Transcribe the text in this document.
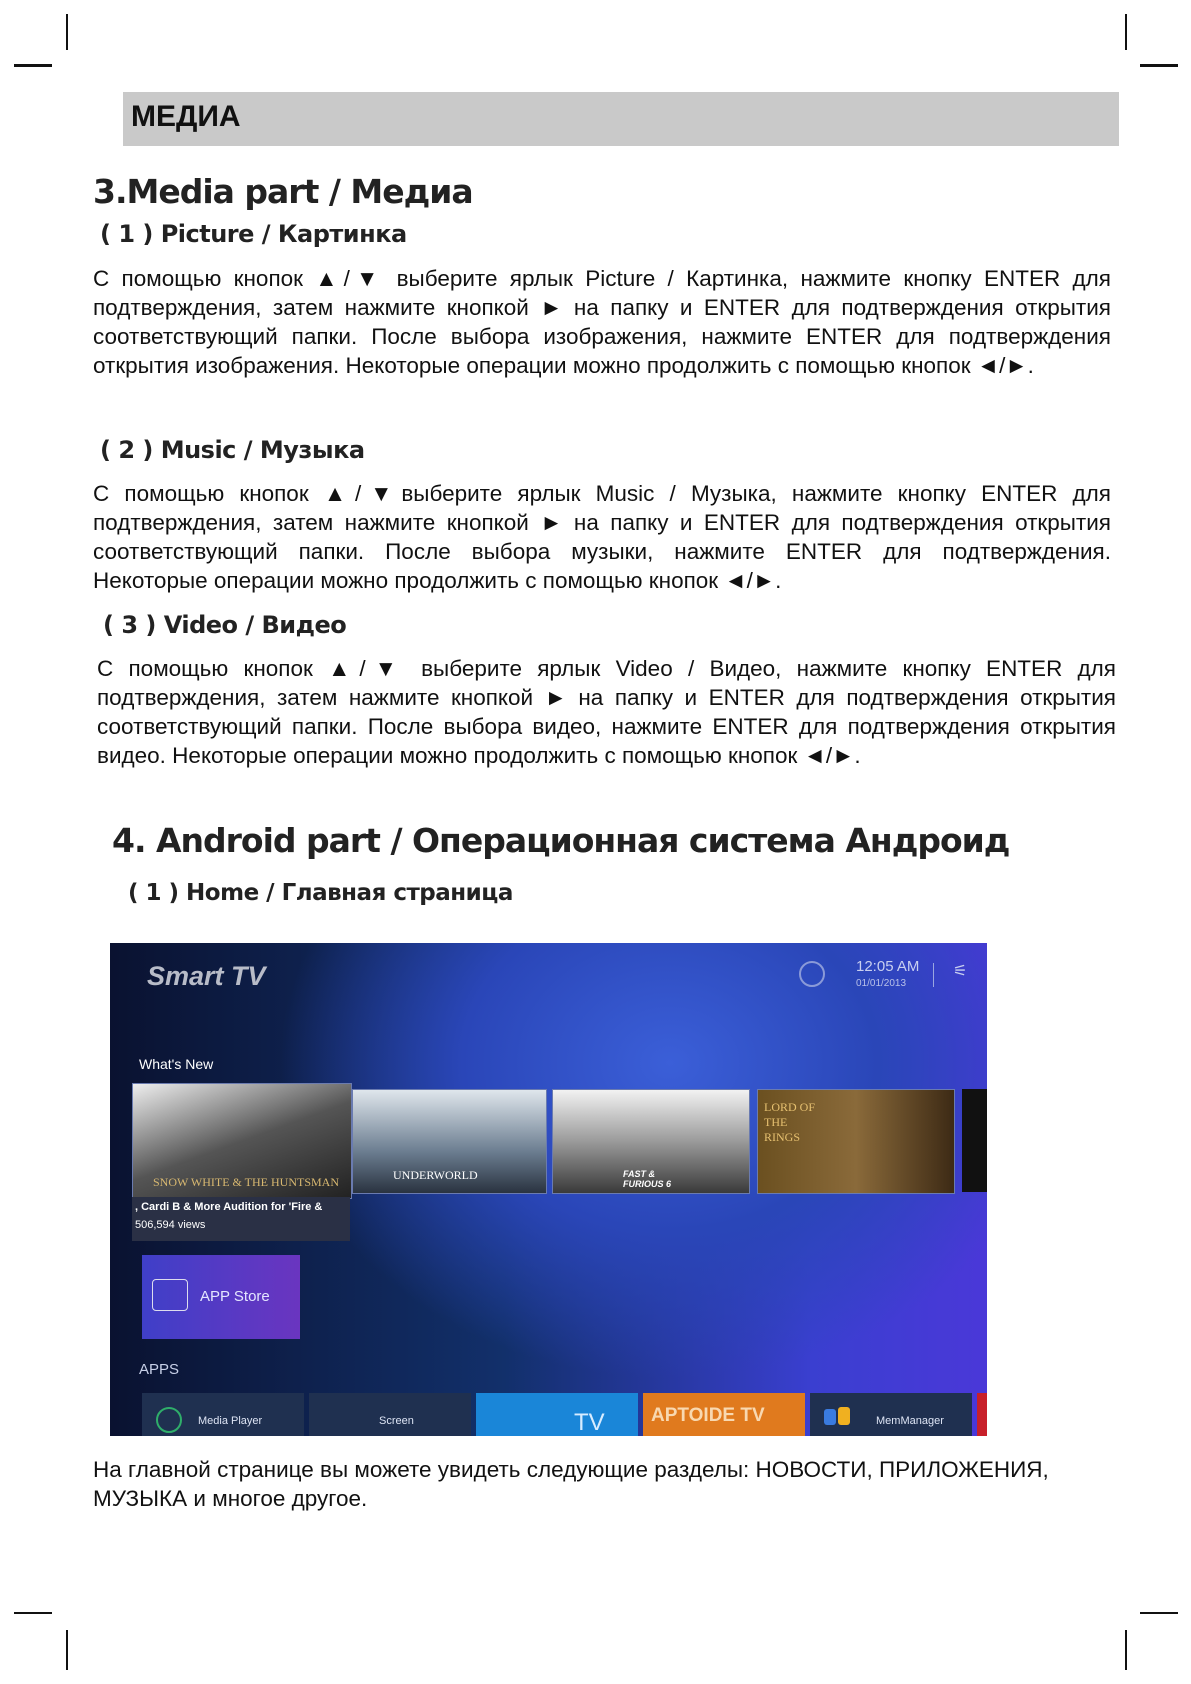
МЕДИА
3.Media part / Медиа
( 1 ) Picture / Картинка
С помощью кнопок ▲/▼ выберите ярлык Picture / Картинка, нажмите кнопку ENTER для подтверждения, затем нажмите кнопкой ► на папку и ENTER для подтверждения открытия соответствующий папки. После выбора изображения, нажмите ENTER для подтверждения открытия изображения. Некоторые операции можно продолжить с помощью кнопок ◄/►.
( 2 ) Music / Музыка
С помощью кнопок ▲/▼выберите ярлык Music / Музыка, нажмите кнопку ENTER для подтверждения, затем нажмите кнопкой ► на папку и ENTER для подтверждения открытия соответствующий папки. После выбора музыки, нажмите ENTER для подтверждения. Некоторые операции можно продолжить с помощью кнопок ◄/►.
( 3 ) Video / Видео
С помощью кнопок ▲/▼ выберите ярлык Video / Видео, нажмите кнопку ENTER для подтверждения, затем нажмите кнопкой ► на папку и ENTER для подтверждения открытия соответствующий папки. После выбора видео, нажмите ENTER для подтверждения открытия видео. Некоторые операции можно продолжить с помощью кнопок ◄/►.
4. Android part / Операционная система Андроид
( 1 ) Home / Главная страница
Smart TV	12:05 AM
01/01/2013
⚟
What's New
SNOW WHITE & THE HUNTSMAN
, Cardi B & More Audition for 'Fire &
506,594 views
UNDERWORLD	FAST & FURIOUS 6
LORD OF THE RINGS
APP Store
APPS
Media Player	Screen	TV APTOIDE TV	MemManager
На главной странице вы можете увидеть следующие разделы: НОВОСТИ, ПРИЛОЖЕНИЯ, МУЗЫКА и многое другое.
